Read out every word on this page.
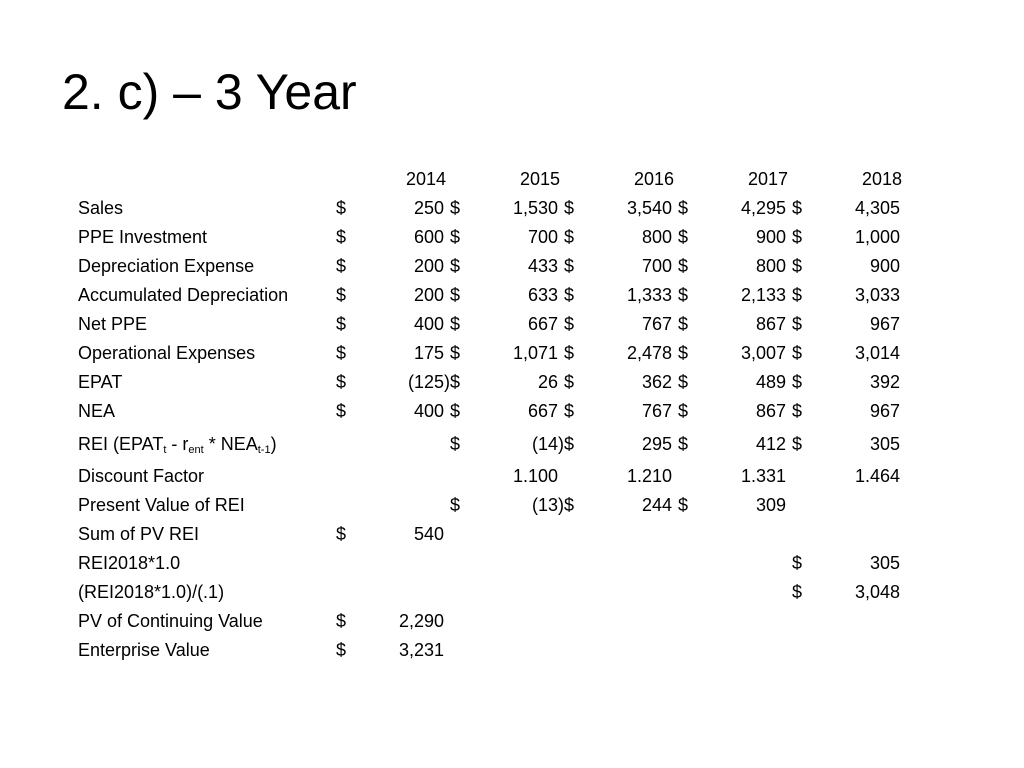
2. c) – 3 Year
		2014		2015		2016		2017		2018
Sales	$	250	$	1,530	$	3,540	$	4,295	$	4,305
PPE Investment	$	600	$	700	$	800	$	900	$	1,000
Depreciation Expense	$	200	$	433	$	700	$	800	$	900
Accumulated Depreciation	$	200	$	633	$	1,333	$	2,133	$	3,033
Net PPE	$	400	$	667	$	767	$	867	$	967
Operational Expenses	$	175	$	1,071	$	2,478	$	3,007	$	3,014
EPAT	$	(125)	$	26	$	362	$	489	$	392
NEA	$	400	$	667	$	767	$	867	$	967
REI $(EPAT_t - r_{ent} * NEA_{t-1})$			$	(14)	$	295	$	412	$	305
Discount Factor				1.100		1.210		1.331		1.464
Present Value of REI			$	(13)	$	244	$	309		
Sum of PV REI	$	540								
REI2018*1.0									$	305
(REI2018*1.0)/(.1)									$	3,048
PV of Continuing Value	$	2,290								
Enterprise Value	$	3,231								
